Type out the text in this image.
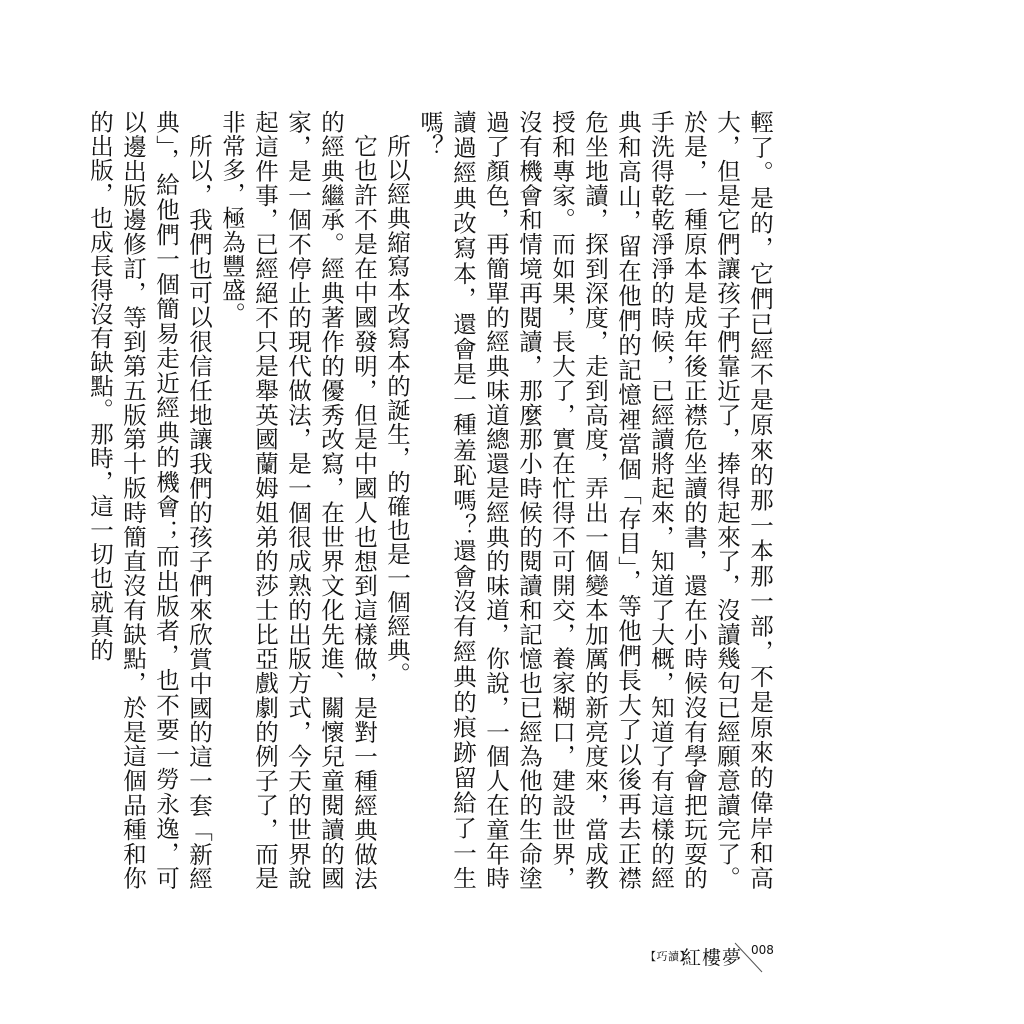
輕了。是的，它們已經不是原來的那一本那一部，不是原來的偉岸和高大，但是它們讓孩子們靠近了，捧得起來了，沒讀幾句已經願意讀完了。於是，一種原本是成年後正襟危坐讀的書，還在小時候沒有學會把玩耍的手洗得乾乾淨淨的時候，已經讀將起來，知道了大概，知道了有這樣的經典和高山，留在他們的記憶裡當個「存目」，等他們長大了以後再去正襟危坐地讀，探到深度，走到高度，弄出一個變本加厲的新亮度來，當成教授和專家。而如果，長大了，實在忙得不可開交，養家糊口，建設世界，沒有機會和情境再閱讀，那麼那小時候的閱讀和記憶也已經為他的生命塗過了顏色，再簡單的經典味道總還是經典的味道，你說，一個人在童年時讀過經典改寫本，還會是一種羞恥嗎？還會沒有經典的痕跡留給了一生嗎？

所以經典縮寫本改寫本的誕生，的確也是一個經典。

它也許不是在中國發明，但是中國人也想到這樣做，是對一種經典做法的經典繼承。經典著作的優秀改寫，在世界文化先進、關懷兒童閱讀的國家，是一個不停止的現代做法，是一個很成熟的出版方式，今天的世界說起這件事，已經絕不只是舉英國蘭姆姐弟的莎士比亞戲劇的例子了，而是非常多，極為豐盛。

所以，我們也可以很信任地讓我們的孩子們來欣賞中國的這一套「新經典」，給他們一個簡易走近經典的機會；而出版者，也不要一勞永逸，可以邊出版邊修訂，等到第五版第十版時簡直沒有缺點，於是這個品種和你的出版，也成長得沒有缺點。那時，這一切也就真的

【巧讀】
紅樓夢 008
